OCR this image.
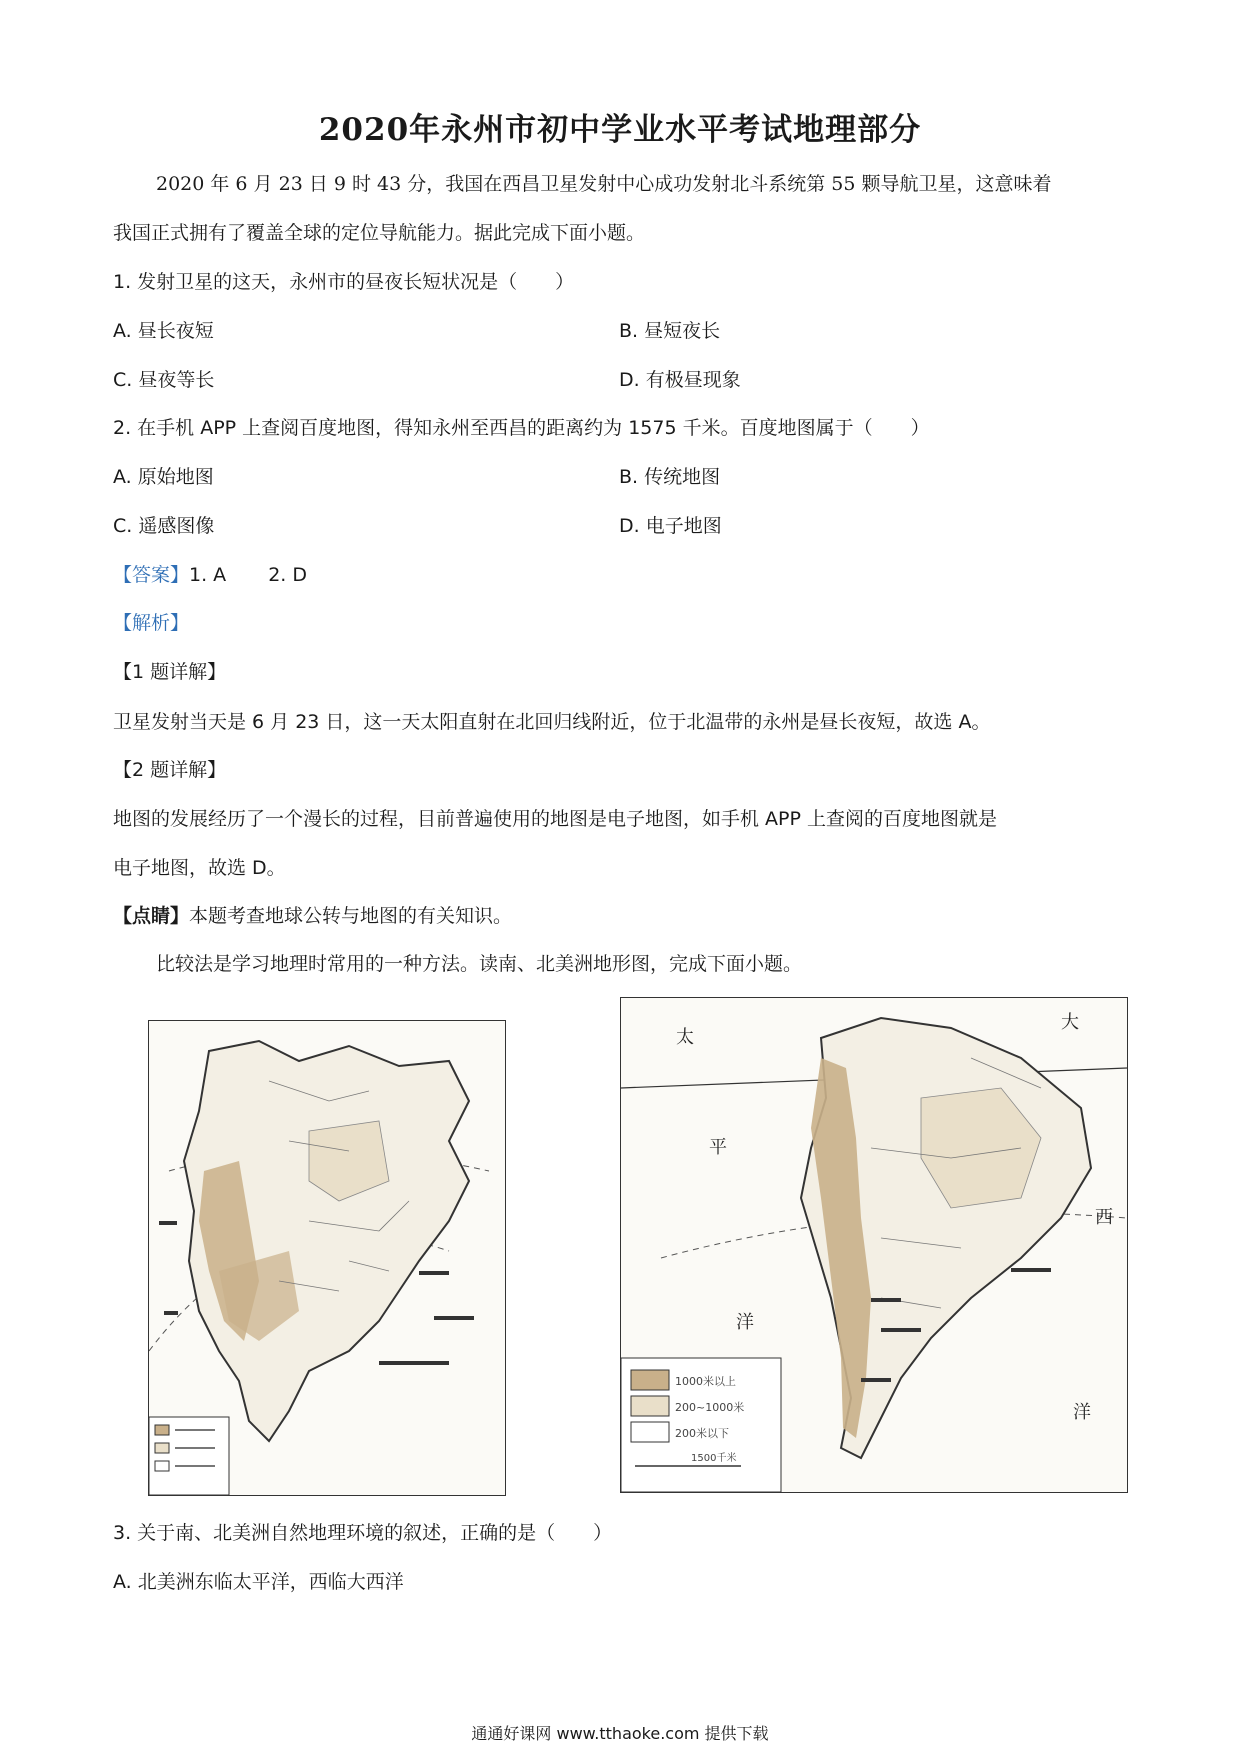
2020年永州市初中学业水平考试地理部分
2020 年 6 月 23 日 9 时 43 分，我国在西昌卫星发射中心成功发射北斗系统第 55 颗导航卫星，这意味着
我国正式拥有了覆盖全球的定位导航能力。据此完成下面小题。
1. 发射卫星的这天，永州市的昼夜长短状况是（　　）
A. 昼长夜短	B. 昼短夜长
C. 昼夜等长	D. 有极昼现象
2. 在手机 APP 上查阅百度地图，得知永州至西昌的距离约为 1575 千米。百度地图属于（　　）
A. 原始地图	B. 传统地图
C. 遥感图像	D. 电子地图
【答案】1. A 2. D
【解析】
【1 题详解】
卫星发射当天是 6 月 23 日，这一天太阳直射在北回归线附近，位于北温带的永州是昼长夜短，故选 A。
【2 题详解】
地图的发展经历了一个漫长的过程，目前普遍使用的地图是电子地图，如手机 APP 上查阅的百度地图就是
电子地图，故选 D。
【点睛】本题考查地球公转与地图的有关知识。
比较法是学习地理时常用的一种方法。读南、北美洲地形图，完成下面小题。
太
大
平
西
洋
洋
1000米以上
200~1000米
200米以下
1500千米
3. 关于南、北美洲自然地理环境的叙述，正确的是（　　）
A. 北美洲东临太平洋，西临大西洋
通通好课网 www.tthaoke.com 提供下载
